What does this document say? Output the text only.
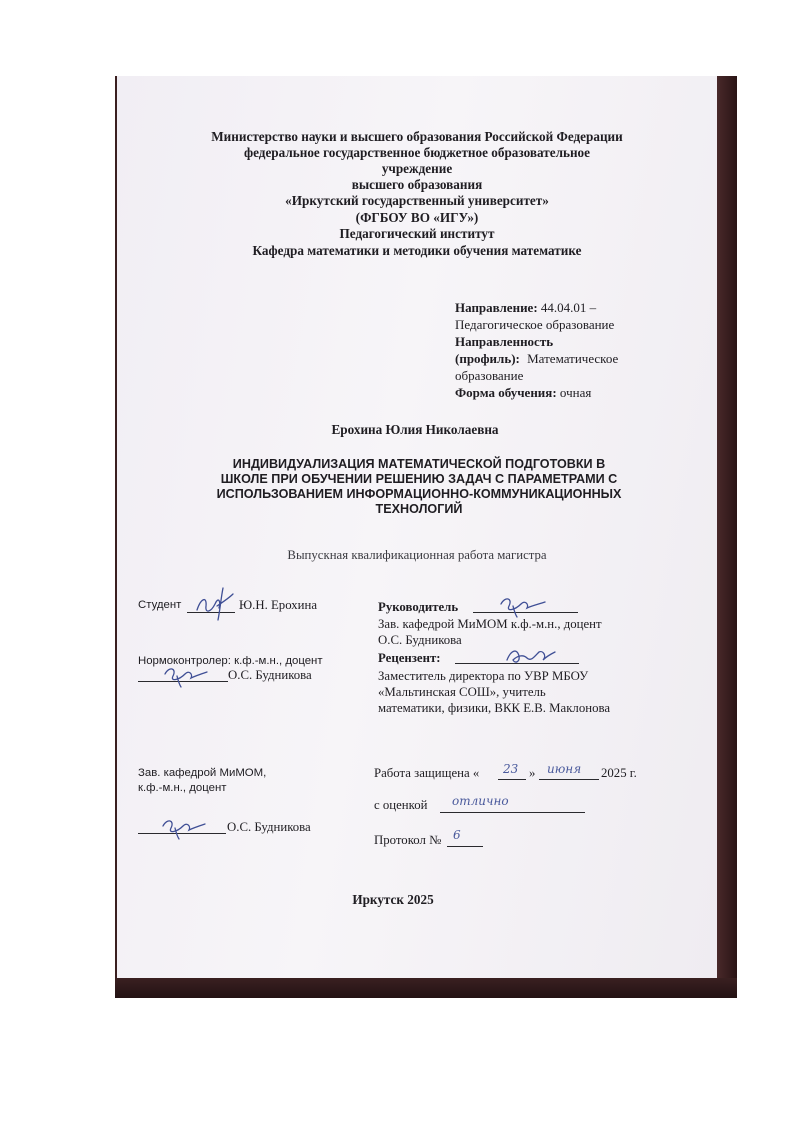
Министерство науки и высшего образования Российской Федерации
федеральное государственное бюджетное образовательное
учреждение
высшего образования
«Иркутский государственный университет»
(ФГБОУ ВО «ИГУ»)
Педагогический институт
Кафедра математики и методики обучения математике
Направление: 44.04.01 –
Педагогическое образование
Направленность
(профиль): Математическое
образование
Форма обучения: очная
Ерохина Юлия Николаевна
ИНДИВИДУАЛИЗАЦИЯ МАТЕМАТИЧЕСКОЙ ПОДГОТОВКИ В
ШКОЛЕ ПРИ ОБУЧЕНИИ РЕШЕНИЮ ЗАДАЧ С ПАРАМЕТРАМИ С
ИСПОЛЬЗОВАНИЕМ ИНФОРМАЦИОННО-КОММУНИКАЦИОННЫХ
ТЕХНОЛОГИЙ
Выпускная квалификационная работа магистра
Студент	Ю.Н. Ерохина
Нормоконтролер: к.ф.-м.н., доцент
О.С. Будникова
Зав. кафедрой МиМОМ,
к.ф.-м.н., доцент
О.С. Будникова
Руководитель
Зав. кафедрой МиМОМ к.ф.-м.н., доцент
О.С. Будникова
Рецензент:
Заместитель директора по УВР МБОУ
«Мальтинская СОШ», учитель
математики, физики, ВКК Е.В. Маклонова
Работа защищена « 23 » июня 2025 г.
с оценкой отлично
Протокол № 6
Иркутск 2025
